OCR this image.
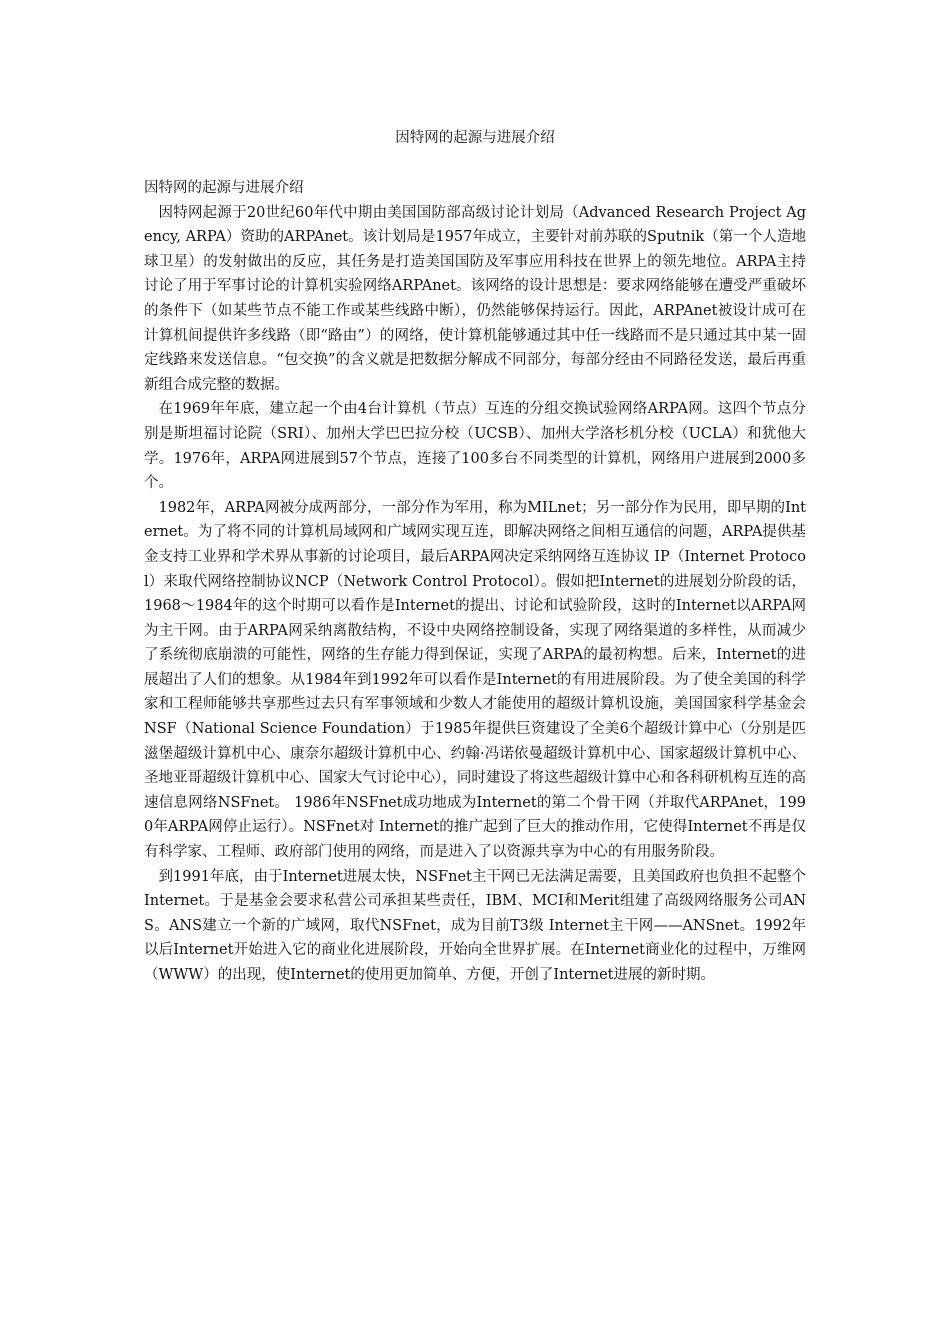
因特网的起源与进展介绍

因特网的起源与进展介绍

因特网起源于20世纪60年代中期由美国国防部高级讨论计划局（Advanced Research Project Agency, ARPA）资助的ARPAnet。该计划局是1957年成立，主要针对前苏联的Sputnik（第一个人造地球卫星）的发射做出的反应，其任务是打造美国国防及军事应用科技在世界上的领先地位。ARPA主持讨论了用于军事讨论的计算机实验网络ARPAnet。该网络的设计思想是：要求网络能够在遭受严重破坏的条件下（如某些节点不能工作或某些线路中断），仍然能够保持运行。因此，ARPAnet被设计成可在计算机间提供许多线路（即“路由”）的网络，使计算机能够通过其中任一线路而不是只通过其中某一固定线路来发送信息。“包交换”的含义就是把数据分解成不同部分，每部分经由不同路径发送，最后再重新组合成完整的数据。

在1969年年底，建立起一个由4台计算机（节点）互连的分组交换试验网络ARPA网。这四个节点分别是斯坦福讨论院（SRI）、加州大学巴巴拉分校（UCSB）、加州大学洛杉机分校（UCLA）和犹他大学。1976年，ARPA网进展到57个节点，连接了100多台不同类型的计算机，网络用户进展到2000多个。

1982年，ARPA网被分成两部分，一部分作为军用，称为MILnet；另一部分作为民用，即早期的Internet。为了将不同的计算机局域网和广域网实现互连，即解决网络之间相互通信的问题，ARPA提供基金支持工业界和学术界从事新的讨论项目，最后ARPA网决定采纳网络互连协议 IP（Internet Protocol）来取代网络控制协议NCP（Network Control Protocol）。假如把Internet的进展划分阶段的话，1968～1984年的这个时期可以看作是Internet的提出、讨论和试验阶段，这时的Internet以ARPA网为主干网。由于ARPA网采纳离散结构，不设中央网络控制设备，实现了网络渠道的多样性，从而减少了系统彻底崩溃的可能性，网络的生存能力得到保证，实现了ARPA的最初构想。后来，Internet的进展超出了人们的想象。从1984年到1992年可以看作是Internet的有用进展阶段。为了使全美国的科学家和工程师能够共享那些过去只有军事领域和少数人才能使用的超级计算机设施，美国国家科学基金会NSF（National Science Foundation）于1985年提供巨资建设了全美6个超级计算中心（分别是匹滋堡超级计算机中心、康奈尔超级计算机中心、约翰·冯诺依曼超级计算机中心、国家超级计算机中心、圣地亚哥超级计算机中心、国家大气讨论中心），同时建设了将这些超级计算中心和各科研机构互连的高速信息网络NSFnet。 1986年NSFnet成功地成为Internet的第二个骨干网（并取代ARPAnet，1990年ARPA网停止运行）。NSFnet对 Internet的推广起到了巨大的推动作用，它使得Internet不再是仅有科学家、工程师、政府部门使用的网络，而是进入了以资源共享为中心的有用服务阶段。

到1991年底，由于Internet进展太快，NSFnet主干网已无法满足需要，且美国政府也负担不起整个Internet。于是基金会要求私营公司承担某些责任，IBM、MCI和Merit组建了高级网络服务公司ANS。ANS建立一个新的广域网，取代NSFnet，成为目前T3级 Internet主干网——ANSnet。1992年以后Internet开始进入它的商业化进展阶段，开始向全世界扩展。在Internet商业化的过程中，万维网（WWW）的出现，使Internet的使用更加简单、方便，开创了Internet进展的新时期。
